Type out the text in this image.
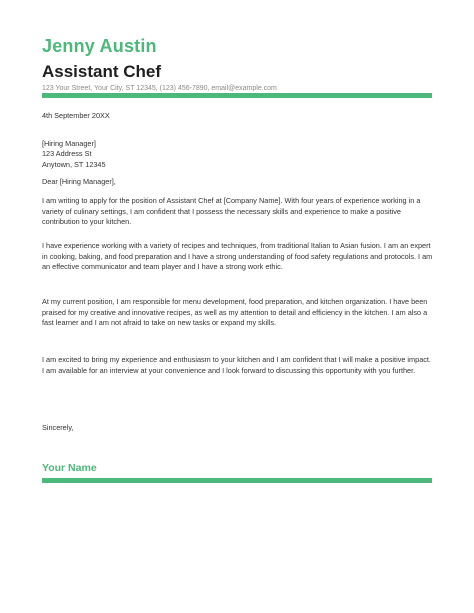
Jenny Austin
Assistant Chef
123 Your Street, Your City, ST 12345, (123) 456-7890, email@example.com
4th September 20XX
[Hiring Manager]
123 Address St
Anytown, ST 12345
Dear [Hiring Manager],
I am writing to apply for the position of Assistant Chef at [Company Name]. With four years of experience working in a variety of culinary settings, I am confident that I possess the necessary skills and experience to make a positive contribution to your kitchen.
I have experience working with a variety of recipes and techniques, from traditional Italian to Asian fusion. I am an expert in cooking, baking, and food preparation and I have a strong understanding of food safety regulations and protocols. I am an effective communicator and team player and I have a strong work ethic.
At my current position, I am responsible for menu development, food preparation, and kitchen organization. I have been praised for my creative and innovative recipes, as well as my attention to detail and efficiency in the kitchen. I am also a fast learner and I am not afraid to take on new tasks or expand my skills.
I am excited to bring my experience and enthusiasm to your kitchen and I am confident that I will make a positive impact. I am available for an interview at your convenience and I look forward to discussing this opportunity with you further.
Sincerely,
Your Name
